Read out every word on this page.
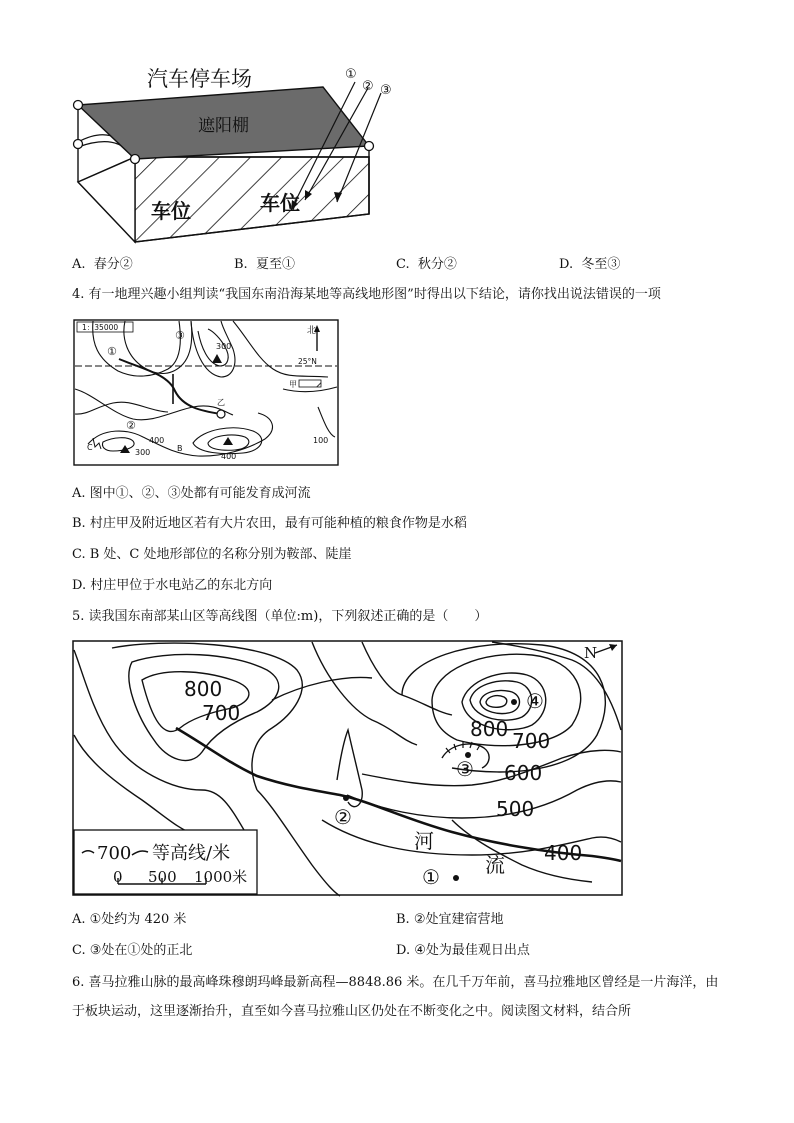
汽车停车场
遮阳棚
车位	车位
①
② ③
A. 春分②	B. 夏至①	C. 秋分②	D. 冬至③
4. 有一地理兴趣小组判读“我国东南沿海某地等高线地形图”时得出以下结论，请你找出说法错误的一项
1：35000
25°N
北
甲
乙
①
②
③
300
400
400
300
100
B
C
A. 图中①、②、③处都有可能发育成河流
B. 村庄甲及附近地区若有大片农田，最有可能种植的粮食作物是水稻
C. B 处、C 处地形部位的名称分别为鞍部、陡崖
D. 村庄甲位于水电站乙的东北方向
5. 读我国东南部某山区等高线图（单位:m)，下列叙述正确的是（　　）
N
800
700
800 700
600
500
400
河
流
①
②
③
④
700 等高线/米
0 500 1000米
A. ①处约为 420 米	B. ②处宜建宿营地
C. ③处在①处的正北	D. ④处为最佳观日出点
6. 喜马拉雅山脉的最高峰珠穆朗玛峰最新高程—8848.86 米。在几千万年前，喜马拉雅地区曾经是一片海洋，由于板块运动，这里逐渐抬升，直至如今喜马拉雅山区仍处在不断变化之中。阅读图文材料，结合所
